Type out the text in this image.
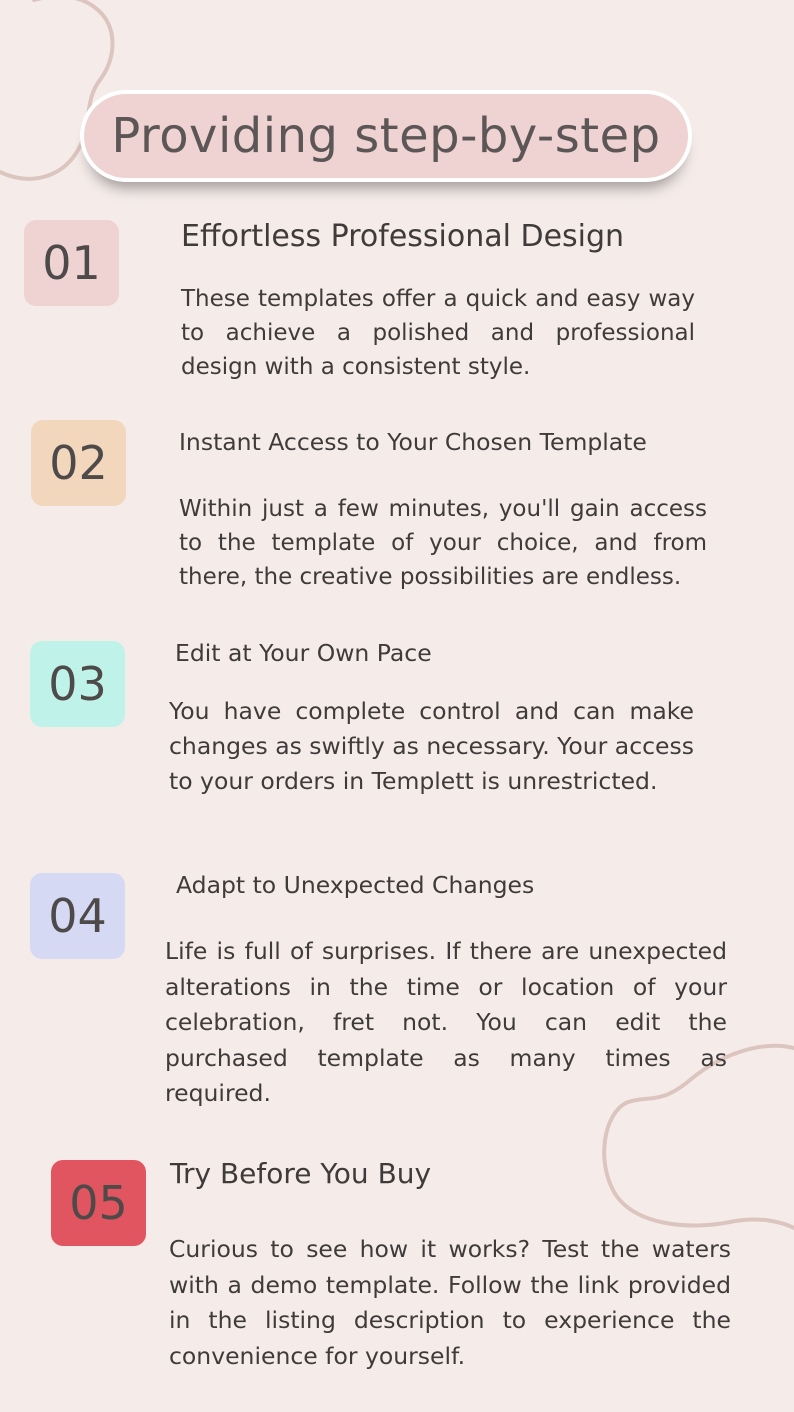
Providing step-by-step
01	Effortless Professional Design

These templates offer a quick and easy way to achieve a polished and professional design with a consistent style.

02	Instant Access to Your Chosen Template

Within just a few minutes, you'll gain access to the template of your choice, and from there, the creative possibilities are endless.

03
Edit at Your Own Pace

You have complete control and can make changes as swiftly as necessary. Your access to your orders in Templett is unrestricted.

04
Adapt to Unexpected Changes

Life is full of surprises. If there are unexpected alterations in the time or location of your celebration, fret not. You can edit the purchased template as many times as required.

05
Try Before You Buy

Curious to see how it works? Test the waters with a demo template. Follow the link provided in the listing description to experience the convenience for yourself.
